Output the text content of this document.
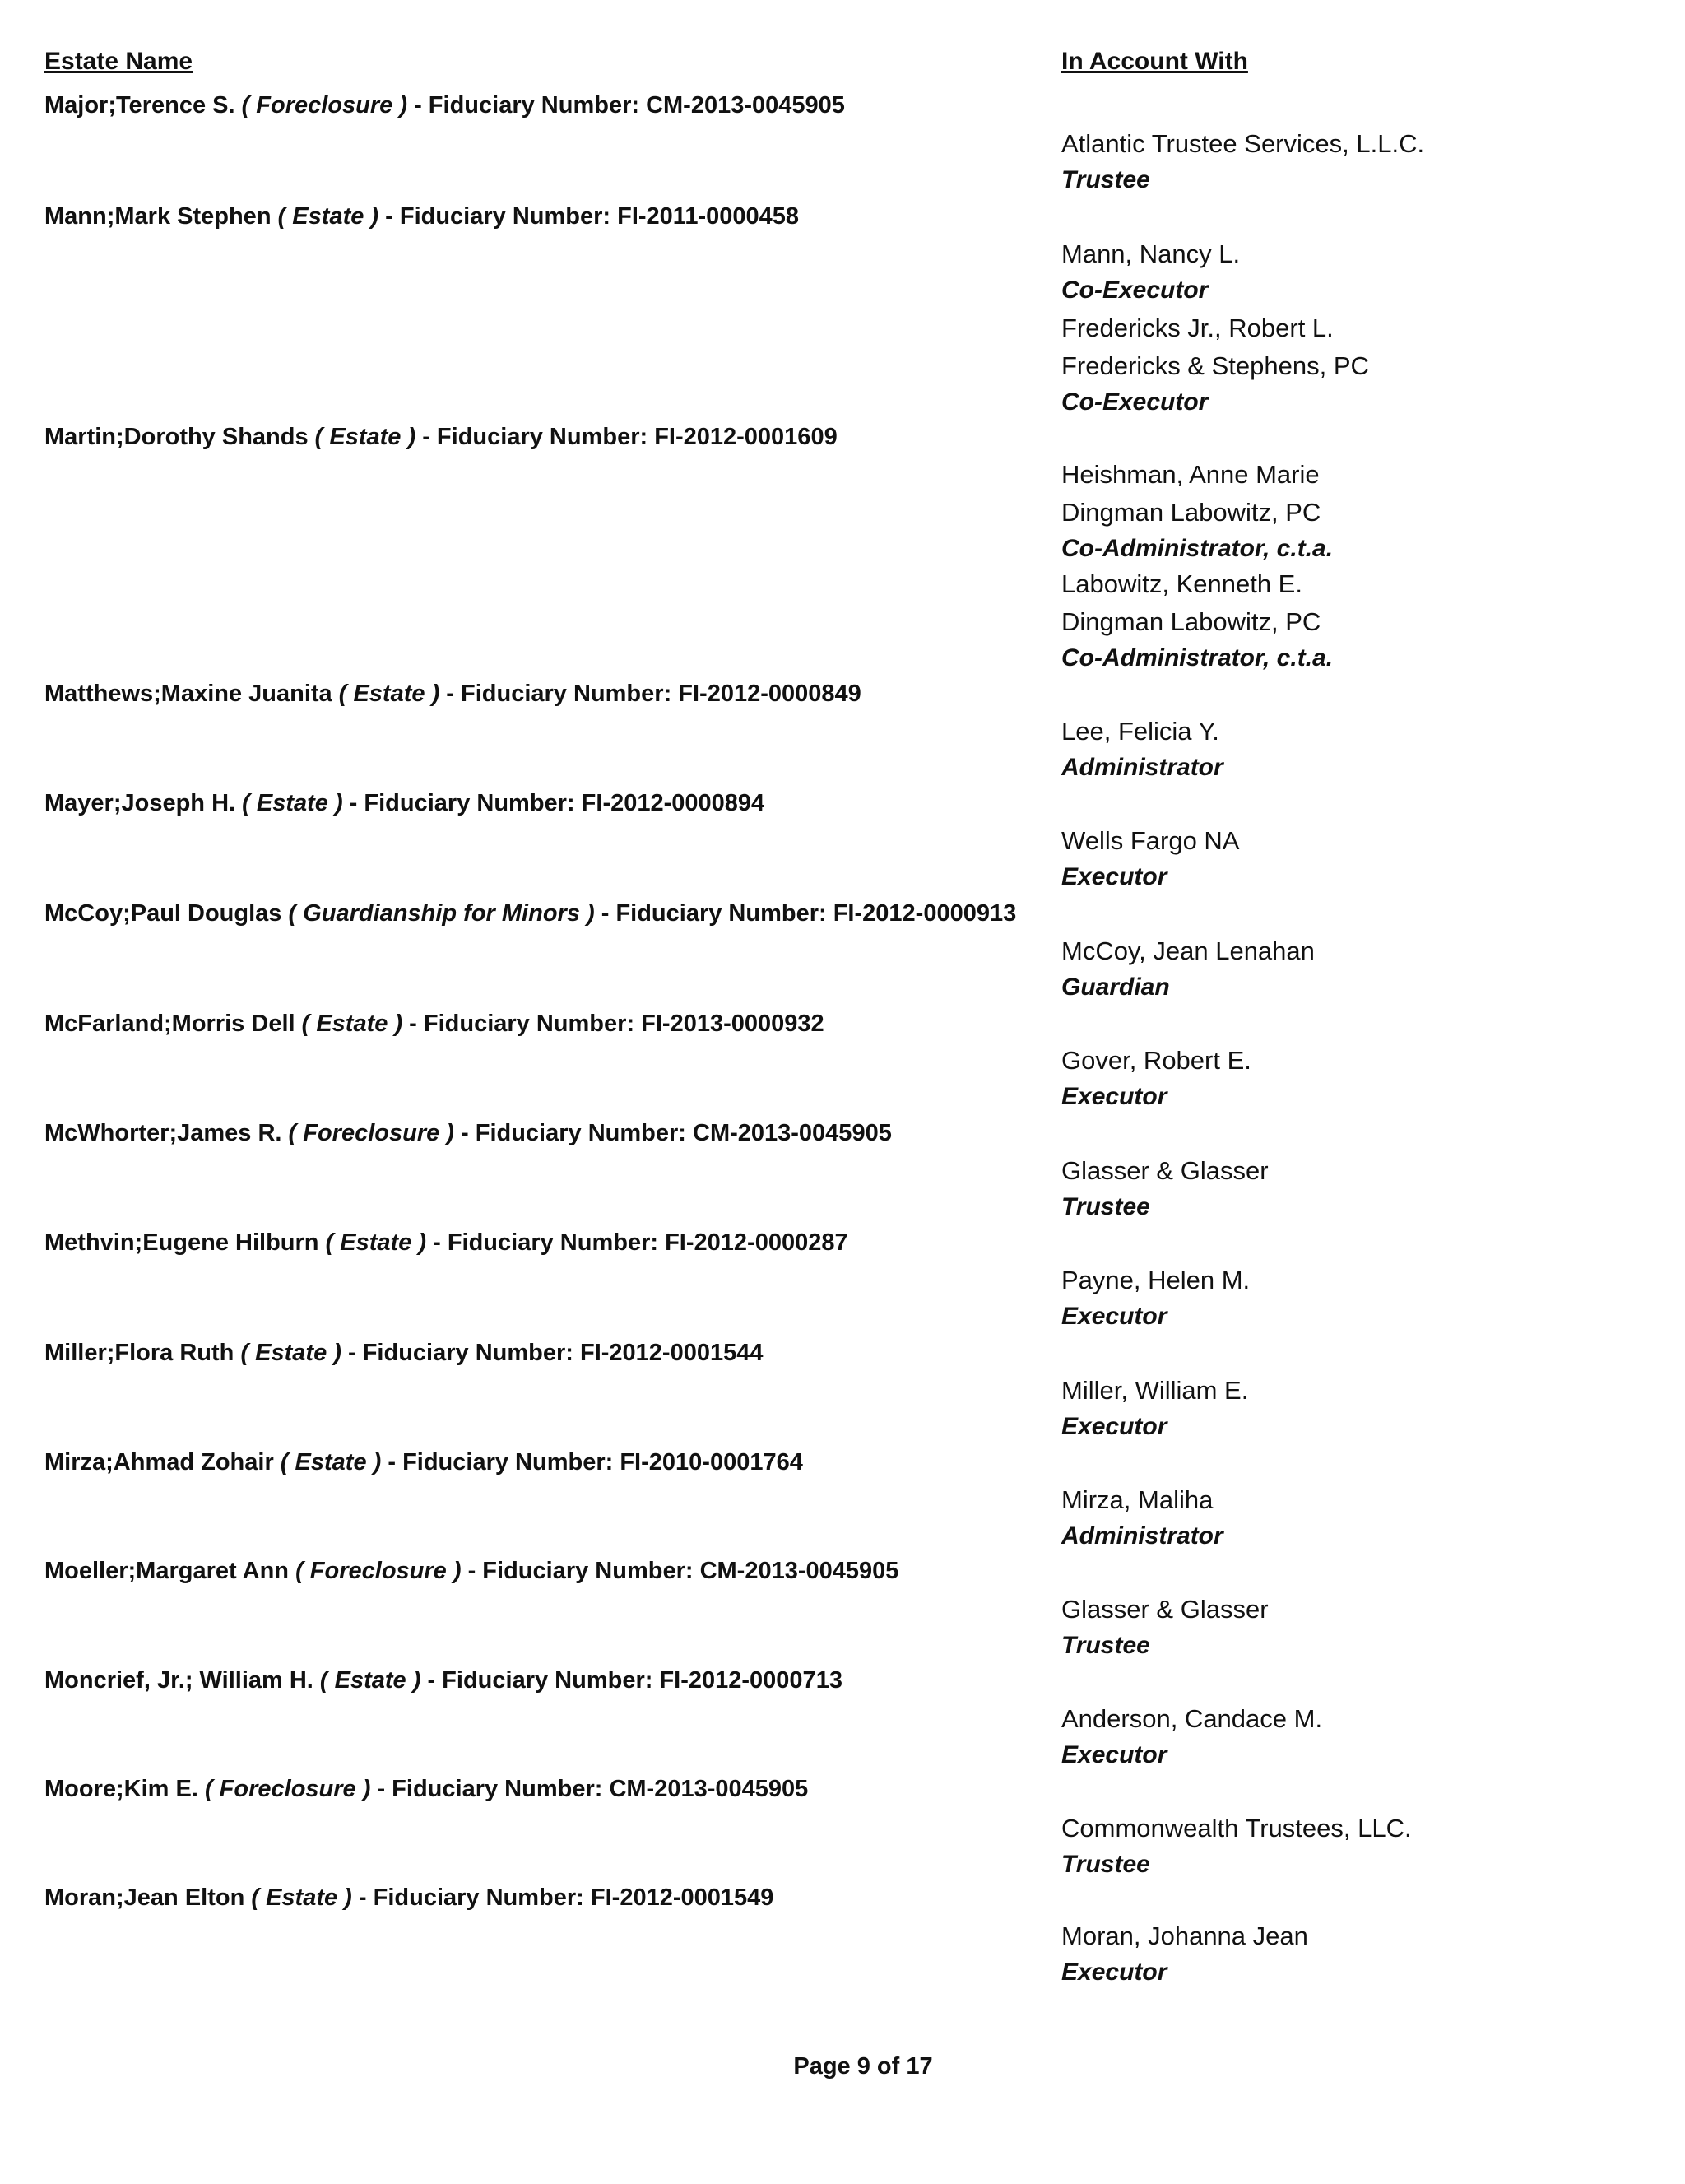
Estate Name	In Account With
Major;Terence S. ( Foreclosure ) - Fiduciary Number: CM-2013-0045905
Atlantic Trustee Services, L.L.C.
Trustee
Mann;Mark Stephen ( Estate ) - Fiduciary Number: FI-2011-0000458
Mann, Nancy L.
Co-Executor
Fredericks Jr., Robert L.
Fredericks & Stephens, PC
Co-Executor
Martin;Dorothy Shands ( Estate ) - Fiduciary Number: FI-2012-0001609
Heishman, Anne Marie
Dingman Labowitz, PC
Co-Administrator, c.t.a.
Labowitz, Kenneth E.
Dingman Labowitz, PC
Co-Administrator, c.t.a.
Matthews;Maxine Juanita ( Estate ) - Fiduciary Number: FI-2012-0000849
Lee, Felicia Y.
Administrator
Mayer;Joseph H. ( Estate ) - Fiduciary Number: FI-2012-0000894
Wells Fargo NA
Executor
McCoy;Paul Douglas ( Guardianship for Minors ) - Fiduciary Number: FI-2012-0000913
McCoy, Jean Lenahan
Guardian
McFarland;Morris Dell ( Estate ) - Fiduciary Number: FI-2013-0000932
Gover, Robert E.
Executor
McWhorter;James R. ( Foreclosure ) - Fiduciary Number: CM-2013-0045905
Glasser & Glasser
Trustee
Methvin;Eugene Hilburn ( Estate ) - Fiduciary Number: FI-2012-0000287
Payne, Helen M.
Executor
Miller;Flora Ruth ( Estate ) - Fiduciary Number: FI-2012-0001544
Miller, William E.
Executor
Mirza;Ahmad Zohair ( Estate ) - Fiduciary Number: FI-2010-0001764
Mirza, Maliha
Administrator
Moeller;Margaret Ann ( Foreclosure ) - Fiduciary Number: CM-2013-0045905
Glasser & Glasser
Trustee
Moncrief, Jr.; William H. ( Estate ) - Fiduciary Number: FI-2012-0000713
Anderson, Candace M.
Executor
Moore;Kim E. ( Foreclosure ) - Fiduciary Number: CM-2013-0045905
Commonwealth Trustees, LLC.
Trustee
Moran;Jean Elton ( Estate ) - Fiduciary Number: FI-2012-0001549
Moran, Johanna Jean
Executor
Page 9 of 17
